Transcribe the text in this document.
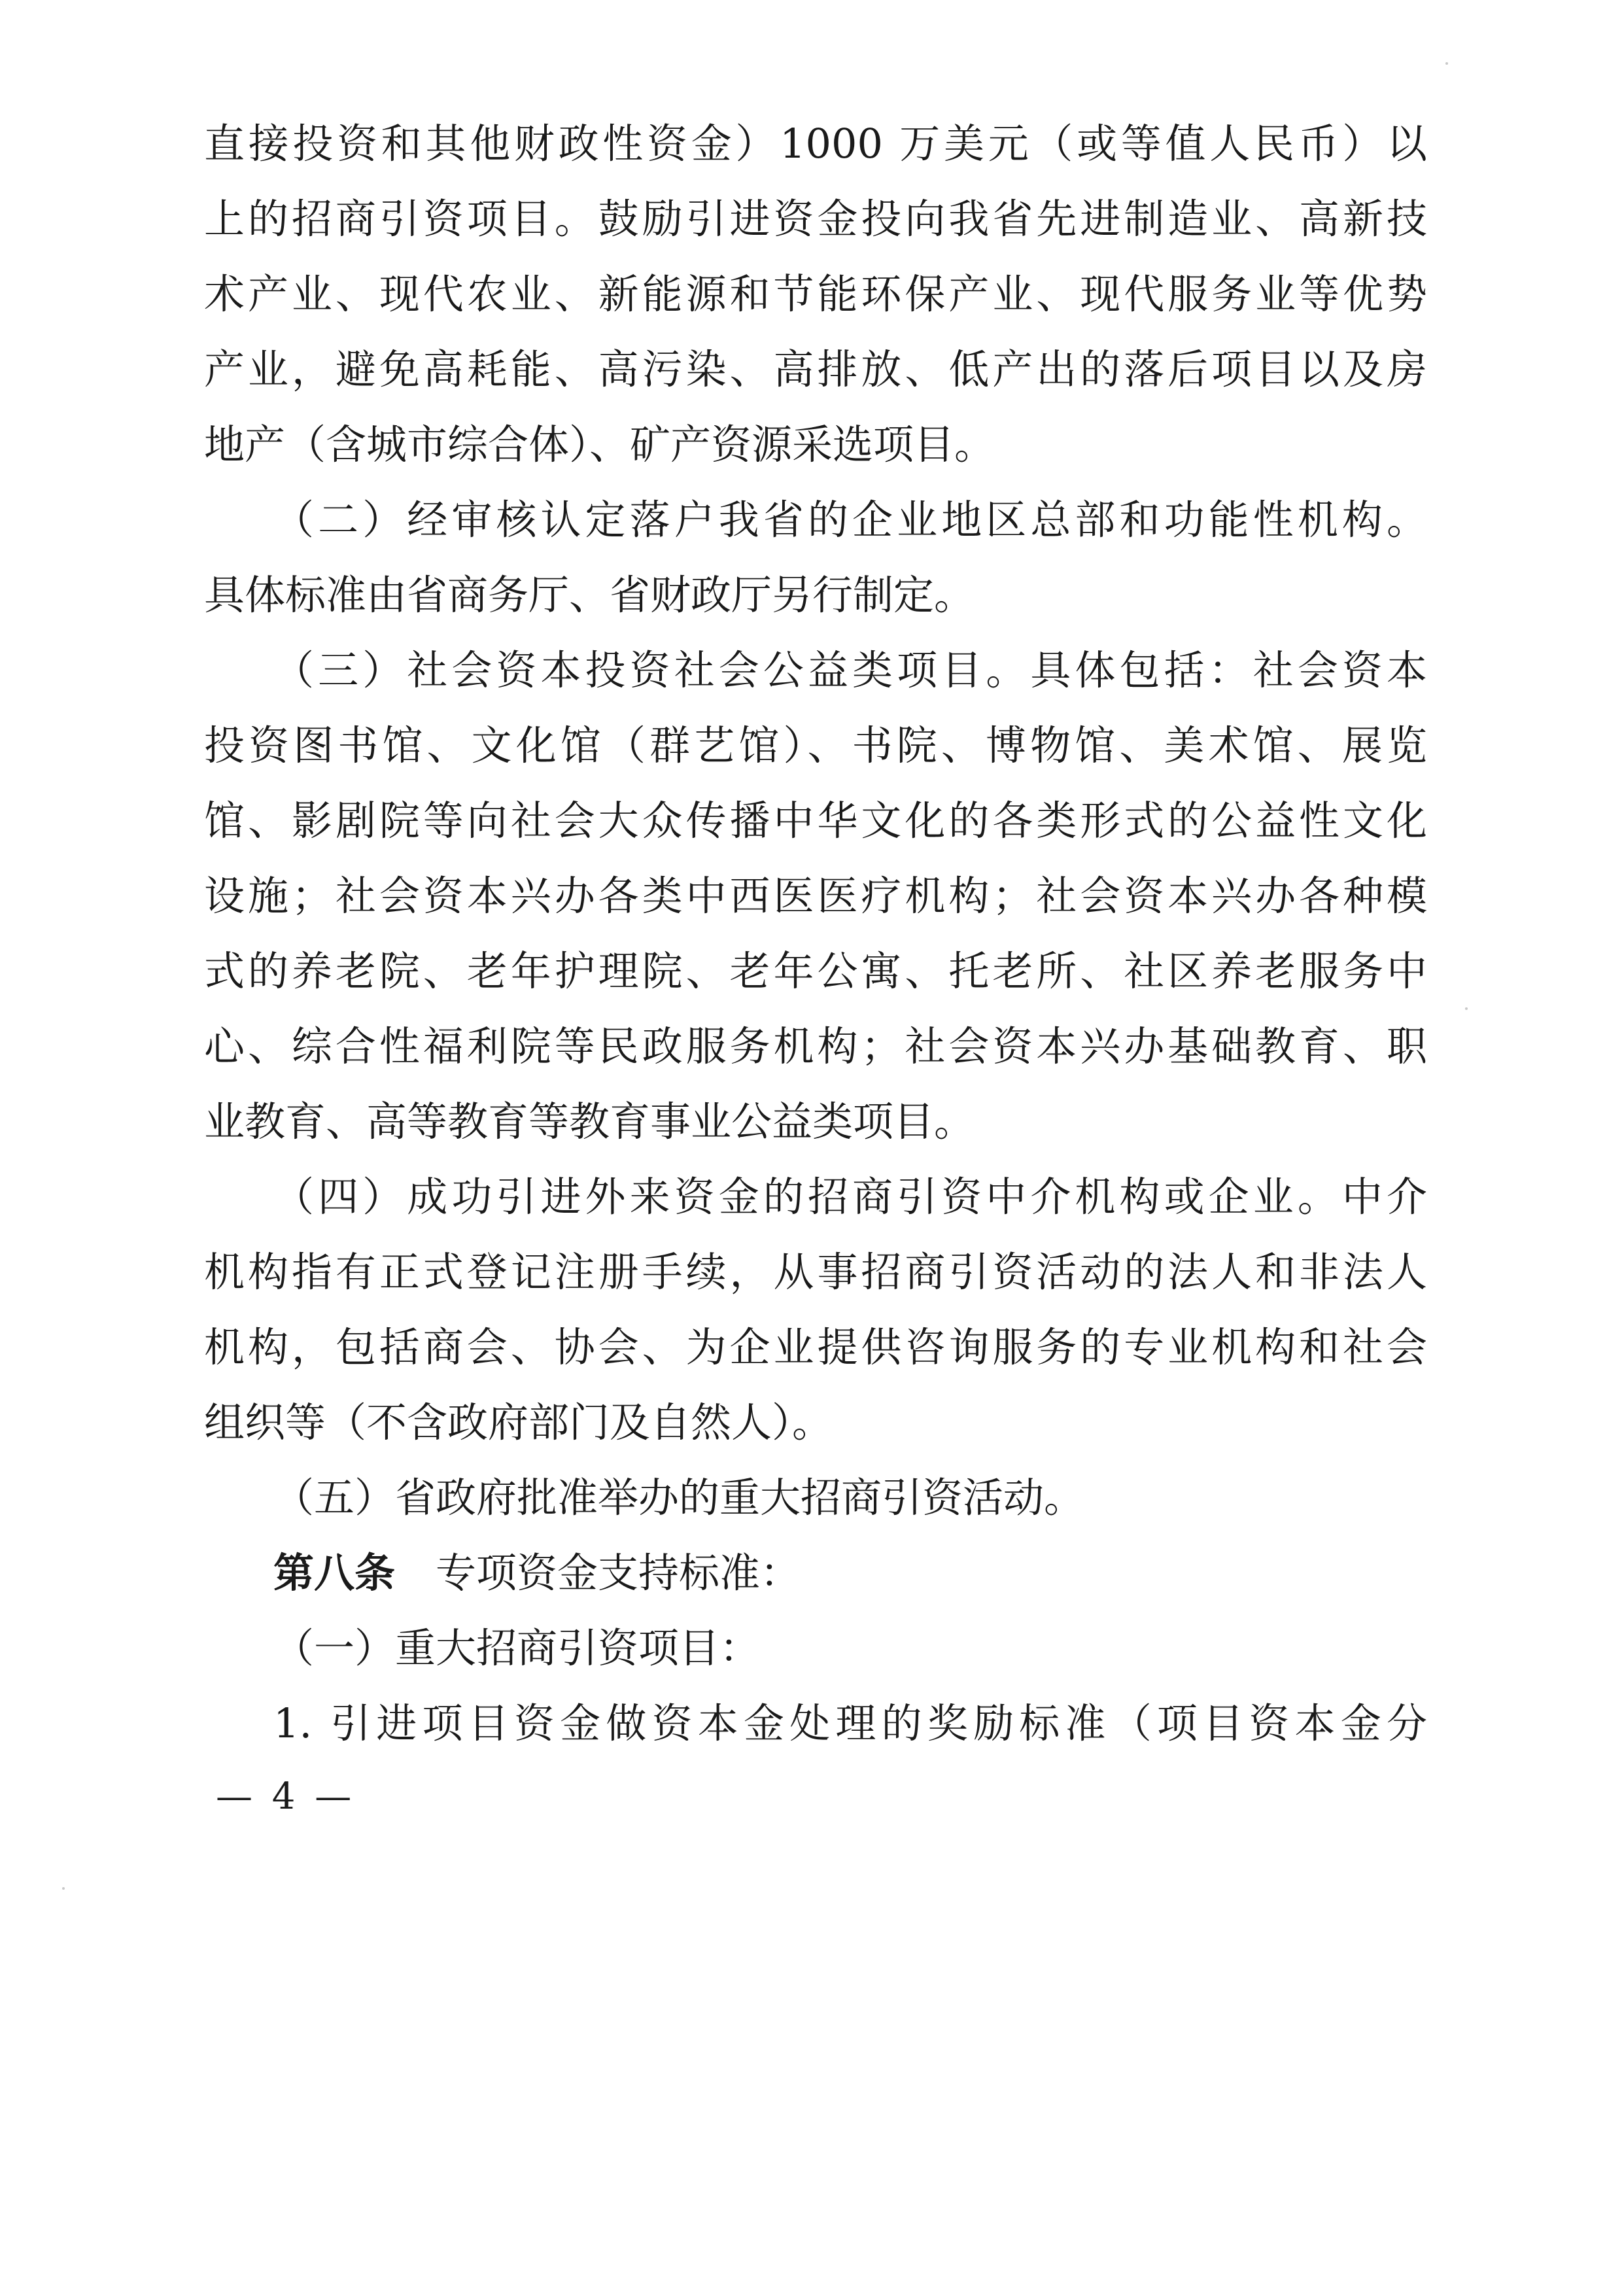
直接投资和其他财政性资金）1000 万美元（或等值人民币）以
上的招商引资项目。鼓励引进资金投向我省先进制造业、高新技
术产业、现代农业、新能源和节能环保产业、现代服务业等优势
产业，避免高耗能、高污染、高排放、低产出的落后项目以及房
地产（含城市综合体）、矿产资源采选项目。
（二）经审核认定落户我省的企业地区总部和功能性机构。
具体标准由省商务厅、省财政厅另行制定。
（三）社会资本投资社会公益类项目。具体包括：社会资本
投资图书馆、文化馆（群艺馆）、书院、博物馆、美术馆、展览
馆、影剧院等向社会大众传播中华文化的各类形式的公益性文化
设施；社会资本兴办各类中西医医疗机构；社会资本兴办各种模
式的养老院、老年护理院、老年公寓、托老所、社区养老服务中
心、综合性福利院等民政服务机构；社会资本兴办基础教育、职
业教育、高等教育等教育事业公益类项目。
（四）成功引进外来资金的招商引资中介机构或企业。中介
机构指有正式登记注册手续，从事招商引资活动的法人和非法人
机构，包括商会、协会、为企业提供咨询服务的专业机构和社会
组织等（不含政府部门及自然人）。
（五）省政府批准举办的重大招商引资活动。
第八条 专项资金支持标准：
（一）重大招商引资项目：
1. 引进项目资金做资本金处理的奖励标准（项目资本金分
— 4 —
